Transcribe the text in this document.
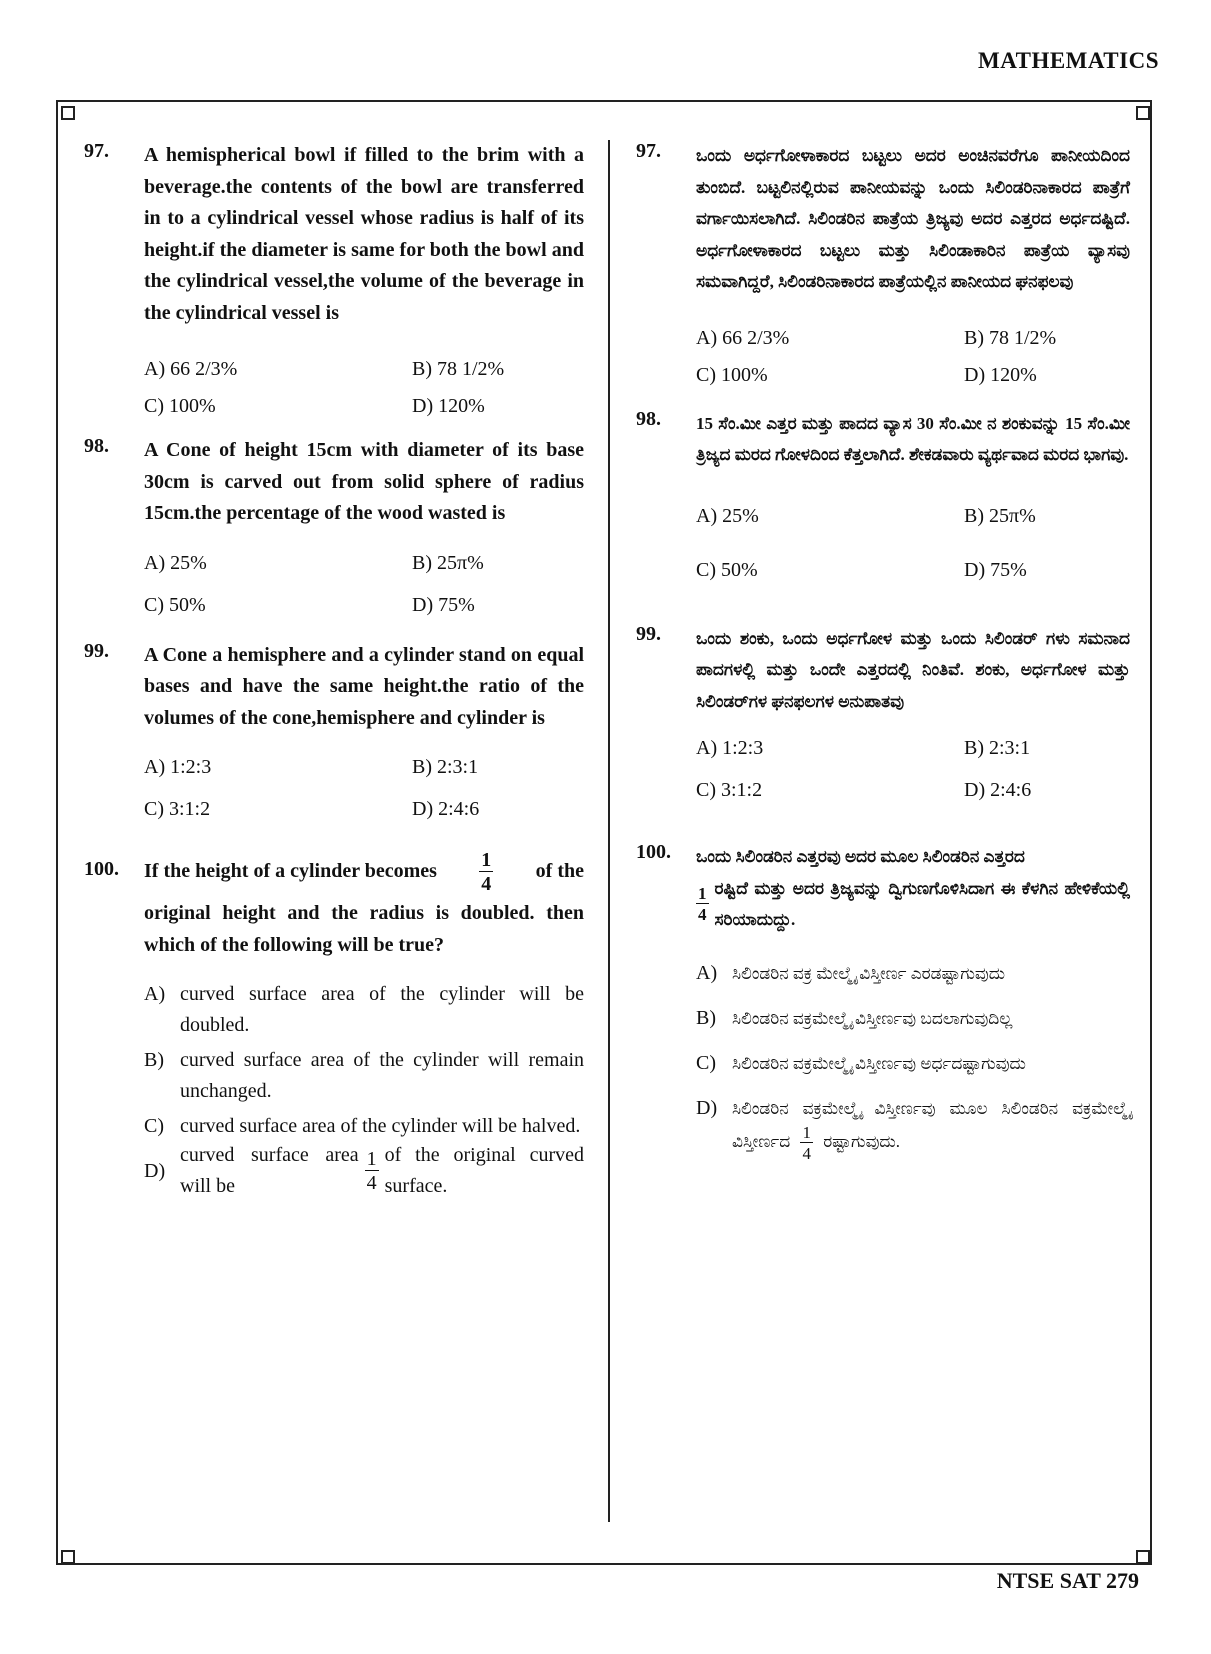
MATHEMATICS
97. A hemispherical bowl if filled to the brim with a beverage.the contents of the bowl are transferred in to a cylindrical vessel whose radius is half of its height.if the diameter is same for both the bowl and the cylindrical vessel,the volume of the beverage in the cylindrical vessel is
A) 66 2/3%	B) 78 1/2%
C) 100%	D) 120%
98. A Cone of height 15cm with diameter of its base 30cm is carved out from solid sphere of radius 15cm.the percentage of the wood wasted is
A) 25%	B) 25π%
C) 50%	D) 75%
99. A Cone a hemisphere and a cylinder stand on equal bases and have the same height.the ratio of the volumes of the cone,hemisphere and cylinder is
A) 1:2:3	B) 2:3:1
C) 3:1:2	D) 2:4:6
100. If the height of a cylinder becomes $\frac{1}{4}$ of the
original height and the radius is doubled. then which of the following will be true?
A) curved surface area of the cylinder will be doubled.
B) curved surface area of the cylinder will remain unchanged.
C) curved surface area of the cylinder will be halved.
D)
curved surface area will be	$\frac{1}{4}$ of the original curved surface.
97. ಒಂದು ಅರ್ಧಗೋಳಾಕಾರದ ಬಟ್ಟಲು ಅದರ ಅಂಚಿನವರೆಗೂ ಪಾನೀಯದಿಂದ ತುಂಬಿದೆ. ಬಟ್ಟಲಿನಲ್ಲಿರುವ ಪಾನೀಯವನ್ನು ಒಂದು ಸಿಲಿಂಡರಿನಾಕಾರದ ಪಾತ್ರೆಗೆ ವರ್ಗಾಯಿಸಲಾಗಿದೆ. ಸಿಲಿಂಡರಿನ ಪಾತ್ರೆಯ ತ್ರಿಜ್ಯವು ಅದರ ಎತ್ತರದ ಅರ್ಧದಷ್ಟಿದೆ. ಅರ್ಧಗೋಳಾಕಾರದ ಬಟ್ಟಲು ಮತ್ತು ಸಿಲಿಂಡಾಕಾರಿನ ಪಾತ್ರೆಯ ವ್ಯಾಸವು ಸಮವಾಗಿದ್ದರೆ, ಸಿಲಿಂಡರಿನಾಕಾರದ ಪಾತ್ರೆಯಲ್ಲಿನ ಪಾನೀಯದ ಘನಫಲವು
A) 66 2/3%	B) 78 1/2%
C) 100%	D) 120%
98. 15 ಸೆಂ.ಮೀ ಎತ್ತರ ಮತ್ತು ಪಾದದ ವ್ಯಾಸ 30 ಸೆಂ.ಮೀ ನ ಶಂಕುವನ್ನು 15 ಸೆಂ.ಮೀ ತ್ರಿಜ್ಯದ ಮರದ ಗೋಳದಿಂದ ಕೆತ್ತಲಾಗಿದೆ. ಶೇಕಡವಾರು ವ್ಯರ್ಥವಾದ ಮರದ ಭಾಗವು.
A) 25%	B) 25π%
C) 50%	D) 75%
99. ಒಂದು ಶಂಕು, ಒಂದು ಅರ್ಧಗೋಳ ಮತ್ತು ಒಂದು ಸಿಲಿಂಡರ್ ಗಳು ಸಮನಾದ ಪಾದಗಳಲ್ಲಿ ಮತ್ತು ಒಂದೇ ಎತ್ತರದಲ್ಲಿ ನಿಂತಿವೆ. ಶಂಕು, ಅರ್ಧಗೋಳ ಮತ್ತು ಸಿಲಿಂಡರ್‌ಗಳ ಘನಫಲಗಳ ಅನುಪಾತವು
A) 1:2:3	B) 2:3:1
C) 3:1:2	D) 2:4:6
100. ಒಂದು ಸಿಲಿಂಡರಿನ ಎತ್ತರವು ಅದರ ಮೂಲ ಸಿಲಿಂಡರಿನ ಎತ್ತರದ
$\frac{1}{4}$ ರಷ್ಟಿದೆ ಮತ್ತು ಅದರ ತ್ರಿಜ್ಯವನ್ನು ದ್ವಿಗುಣಗೊಳಿಸಿದಾಗ ಈ ಕೆಳಗಿನ ಹೇಳಿಕೆಯಲ್ಲಿ ಸರಿಯಾದುದ್ದು.
A) ಸಿಲಿಂಡರಿನ ವಕ್ರ ಮೇಲ್ಮೈ ವಿಸ್ತೀರ್ಣ ಎರಡಷ್ಟಾಗುವುದು
B) ಸಿಲಿಂಡರಿನ ವಕ್ರಮೇಲ್ಮೈ ವಿಸ್ತೀರ್ಣವು ಬದಲಾಗುವುದಿಲ್ಲ
C) ಸಿಲಿಂಡರಿನ ವಕ್ರಮೇಲ್ಮೈ ವಿಸ್ತೀರ್ಣವು ಅರ್ಧದಷ್ಟಾಗುವುದು
D) ಸಿಲಿಂಡರಿನ ವಕ್ರಮೇಲ್ಮೈ ವಿಸ್ತೀರ್ಣವು ಮೂಲ ಸಿಲಿಂಡರಿನ ವಕ್ರಮೇಲ್ಮೈ ವಿಸ್ತೀರ್ಣದ $\frac{1}{4}$ ರಷ್ಟಾಗುವುದು.
NTSE SAT 279
